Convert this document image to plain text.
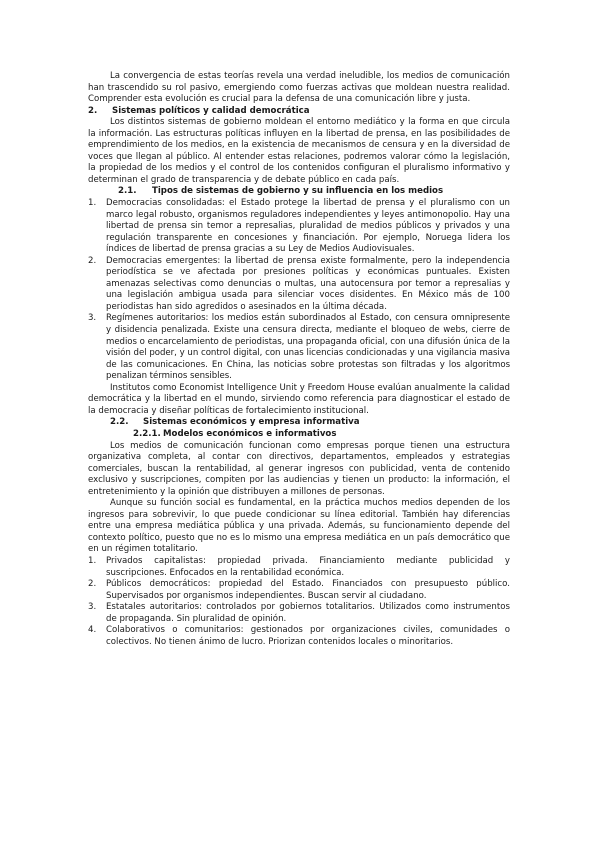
La convergencia de estas teorías revela una verdad ineludible, los medios de comunicación han trascendido su rol pasivo, emergiendo como fuerzas activas que moldean nuestra realidad. Comprender esta evolución es crucial para la defensa de una comunicación libre y justa.

2. Sistemas políticos y calidad democrática

Los distintos sistemas de gobierno moldean el entorno mediático y la forma en que circula la información. Las estructuras políticas influyen en la libertad de prensa, en las posibilidades de emprendimiento de los medios, en la existencia de mecanismos de censura y en la diversidad de voces que llegan al público. Al entender estas relaciones, podremos valorar cómo la legislación, la propiedad de los medios y el control de los contenidos configuran el pluralismo informativo y determinan el grado de transparencia y de debate público en cada país.

2.1. Tipos de sistemas de gobierno y su influencia en los medios
1. Democracias consolidadas: el Estado protege la libertad de prensa y el pluralismo con un marco legal robusto, organismos reguladores independientes y leyes antimonopolio. Hay una libertad de prensa sin temor a represalias, pluralidad de medios públicos y privados y una regulación transparente en concesiones y financiación. Por ejemplo, Noruega lidera los índices de libertad de prensa gracias a su Ley de Medios Audiovisuales.
2. Democracias emergentes: la libertad de prensa existe formalmente, pero la independencia periodística se ve afectada por presiones políticas y económicas puntuales. Existen amenazas selectivas como denuncias o multas, una autocensura por temor a represalias y una legislación ambigua usada para silenciar voces disidentes. En México más de 100 periodistas han sido agredidos o asesinados en la última década.
3. Regímenes autoritarios: los medios están subordinados al Estado, con censura omnipresente y disidencia penalizada. Existe una censura directa, mediante el bloqueo de webs, cierre de medios o encarcelamiento de periodistas, una propaganda oficial, con una difusión única de la visión del poder, y un control digital, con unas licencias condicionadas y una vigilancia masiva de las comunicaciones. En China, las noticias sobre protestas son filtradas y los algoritmos penalizan términos sensibles.

Institutos como Economist Intelligence Unit y Freedom House evalúan anualmente la calidad democrática y la libertad en el mundo, sirviendo como referencia para diagnosticar el estado de la democracia y diseñar políticas de fortalecimiento institucional.

2.2. Sistemas económicos y empresa informativa
2.2.1. Modelos económicos e informativos

Los medios de comunicación funcionan como empresas porque tienen una estructura organizativa completa, al contar con directivos, departamentos, empleados y estrategias comerciales, buscan la rentabilidad, al generar ingresos con publicidad, venta de contenido exclusivo y suscripciones, compiten por las audiencias y tienen un producto: la información, el entretenimiento y la opinión que distribuyen a millones de personas.

Aunque su función social es fundamental, en la práctica muchos medios dependen de los ingresos para sobrevivir, lo que puede condicionar su línea editorial. También hay diferencias entre una empresa mediática pública y una privada. Además, su funcionamiento depende del contexto político, puesto que no es lo mismo una empresa mediática en un país democrático que en un régimen totalitario.

1. Privados capitalistas: propiedad privada. Financiamiento mediante publicidad y suscripciones. Enfocados en la rentabilidad económica.
2. Públicos democráticos: propiedad del Estado. Financiados con presupuesto público. Supervisados por organismos independientes. Buscan servir al ciudadano.
3. Estatales autoritarios: controlados por gobiernos totalitarios. Utilizados como instrumentos de propaganda. Sin pluralidad de opinión.
4. Colaborativos o comunitarios: gestionados por organizaciones civiles, comunidades o colectivos. No tienen ánimo de lucro. Priorizan contenidos locales o minoritarios.
